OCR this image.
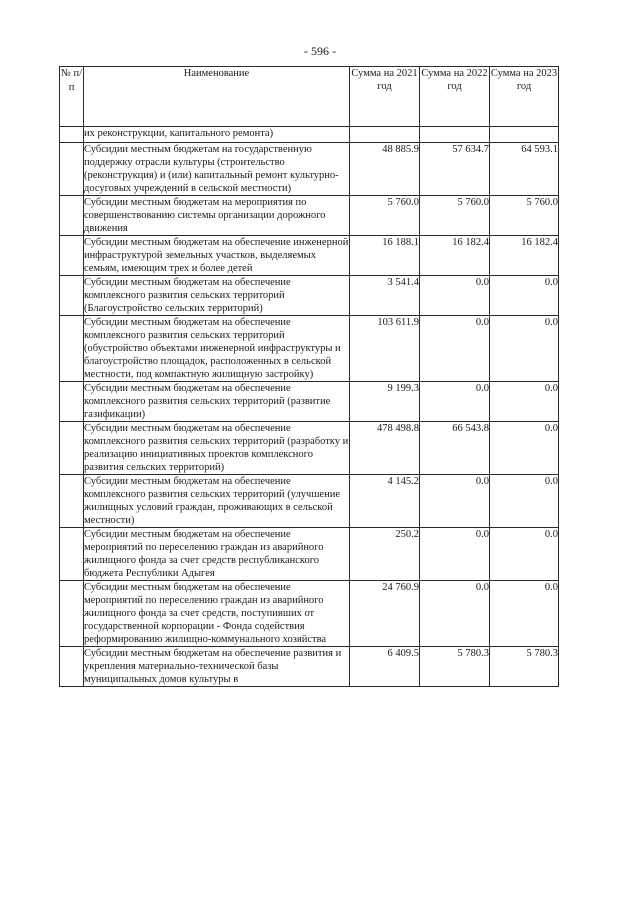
- 596 -
№ п/п	Наименование	Сумма на 2021 год	Сумма на 2022 год	Сумма на 2023 год
	их реконструкции, капитального ремонта)			
	Субсидии местным бюджетам на государственную поддержку отрасли культуры (строительство (реконструкция) и (или) капитальный ремонт культурно-досуговых учреждений в сельской местности)	48 885.9	57 634.7	64 593.1
	Субсидии местным бюджетам на мероприятия по совершенствованию системы организации дорожного движения	5 760.0	5 760.0	5 760.0
	Субсидии местным бюджетам на обеспечение инженерной инфраструктурой земельных участков, выделяемых семьям, имеющим трех и более детей	16 188.1	16 182.4	16 182.4
	Субсидии местным бюджетам на обеспечение комплексного развития сельских территорий (Благоустройство сельских территорий)	3 541.4	0.0	0.0
	Субсидии местным бюджетам на обеспечение комплексного развития сельских территорий (обустройство объектами инженерной инфраструктуры и благоустройство площадок, расположенных в сельской местности, под компактную жилищную застройку)	103 611.9	0.0	0.0
	Субсидии местным бюджетам на обеспечение комплексного развития сельских территорий (развитие газификации)	9 199.3	0.0	0.0
	Субсидии местным бюджетам на обеспечение комплексного развития сельских территорий (разработку и реализацию инициативных проектов комплексного развития сельских территорий)	478 498.8	66 543.8	0.0
	Субсидии местным бюджетам на обеспечение комплексного развития сельских территорий (улучшение жилищных условий граждан, проживающих в сельской местности)	4 145.2	0.0	0.0
	Субсидии местным бюджетам на обеспечение мероприятий по переселению граждан из аварийного жилищного фонда за счет средств республиканского бюджета Республики Адыгея	250.2	0.0	0.0
	Субсидии местным бюджетам на обеспечение мероприятий по переселению граждан из аварийного жилищного фонда за счет средств, поступивших от государственной корпорации - Фонда содействия реформированию жилищно-коммунального хозяйства	24 760.9	0.0	0.0
	Субсидии местным бюджетам на обеспечение развития и укрепления материально-технической базы муниципальных домов культуры в	6 409.5	5 780.3	5 780.3
